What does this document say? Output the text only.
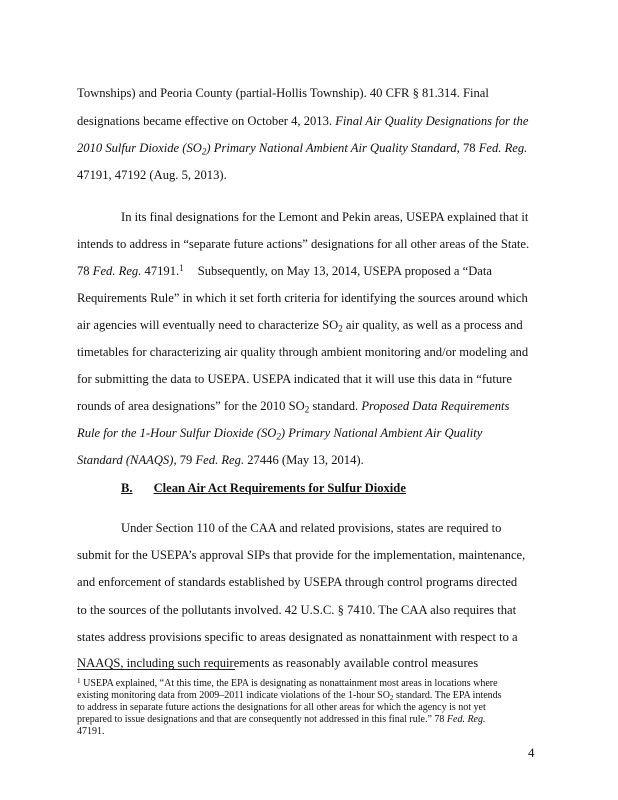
Townships) and Peoria County (partial-Hollis Township). 40 CFR § 81.314. Final
designations became effective on October 4, 2013. Final Air Quality Designations for the
2010 Sulfur Dioxide $(SO_2)$ Primary National Ambient Air Quality Standard, 78 Fed. Reg.
47191, 47192 (Aug. 5, 2013).
In its final designations for the Lemont and Pekin areas, USEPA explained that it
intends to address in “separate future actions” designations for all other areas of the State.
78 Fed. Reg. 47191.$^1$ Subsequently, on May 13, 2014, USEPA proposed a “Data
Requirements Rule” in which it set forth criteria for identifying the sources around which
air agencies will eventually need to characterize $SO_2$ air quality, as well as a process and
timetables for characterizing air quality through ambient monitoring and/or modeling and
for submitting the data to USEPA. USEPA indicated that it will use this data in “future
rounds of area designations” for the 2010 $SO_2$ standard. Proposed Data Requirements
Rule for the 1-Hour Sulfur Dioxide $(SO_2)$ Primary National Ambient Air Quality
Standard (NAAQS), 79 Fed. Reg. 27446 (May 13, 2014).
B. Clean Air Act Requirements for Sulfur Dioxide
Under Section 110 of the CAA and related provisions, states are required to
submit for the USEPA’s approval SIPs that provide for the implementation, maintenance,
and enforcement of standards established by USEPA through control programs directed
to the sources of the pollutants involved. 42 U.S.C. § 7410. The CAA also requires that
states address provisions specific to areas designated as nonattainment with respect to a
NAAQS, including such requirements as reasonably available control measures
$^1$ USEPA explained, “At this time, the EPA is designating as nonattainment most areas in locations where
existing monitoring data from 2009–2011 indicate violations of the 1-hour $SO_2$ standard. The EPA intends
to address in separate future actions the designations for all other areas for which the agency is not yet
prepared to issue designations and that are consequently not addressed in this final rule.” 78 Fed. Reg.
47191.
4
